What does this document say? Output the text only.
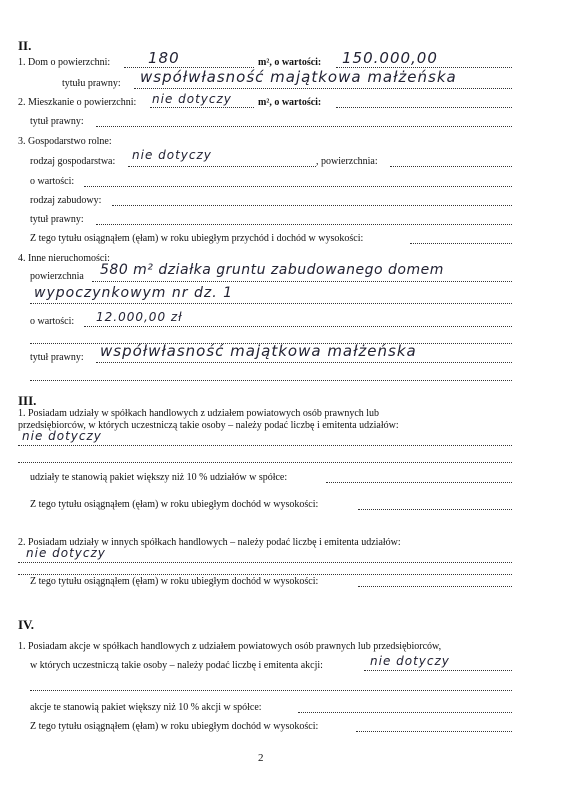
II.
1. Dom o powierzchni:	180	m², o wartości: 150.000,00
tytułu prawny: współwłasność majątkowa małżeńska
2. Mieszkanie o powierzchni: nie dotyczy	m², o wartości:
tytuł prawny:
3. Gospodarstwo rolne:
rodzaj gospodarstwa: nie dotyczy	, powierzchnia:
o wartości:
rodzaj zabudowy:
tytuł prawny:
Z tego tytułu osiągnąłem (ęłam) w roku ubiegłym przychód i dochód w wysokości:
4. Inne nieruchomości:
powierzchnia 580 m² działka gruntu zabudowanego domem
wypoczynkowym nr dz. 1
o wartości: 12.000,00 zł
tytuł prawny: współwłasność majątkowa małżeńska
III.
1. Posiadam udziały w spółkach handlowych z udziałem powiatowych osób prawnych lub
przedsiębiorców, w których uczestniczą takie osoby – należy podać liczbę i emitenta udziałów:
nie dotyczy
udziały te stanowią pakiet większy niż 10 % udziałów w spółce:
Z tego tytułu osiągnąłem (ęłam) w roku ubiegłym dochód w wysokości:
2. Posiadam udziały w innych spółkach handlowych – należy podać liczbę i emitenta udziałów:
nie dotyczy
Z tego tytułu osiągnąłem (ęłam) w roku ubiegłym dochód w wysokości:
IV.
1. Posiadam akcje w spółkach handlowych z udziałem powiatowych osób prawnych lub przedsiębiorców,
w których uczestniczą takie osoby – należy podać liczbę i emitenta akcji:	nie dotyczy
akcje te stanowią pakiet większy niż 10 % akcji w spółce:
Z tego tytułu osiągnąłem (ęłam) w roku ubiegłym dochód w wysokości:
2
